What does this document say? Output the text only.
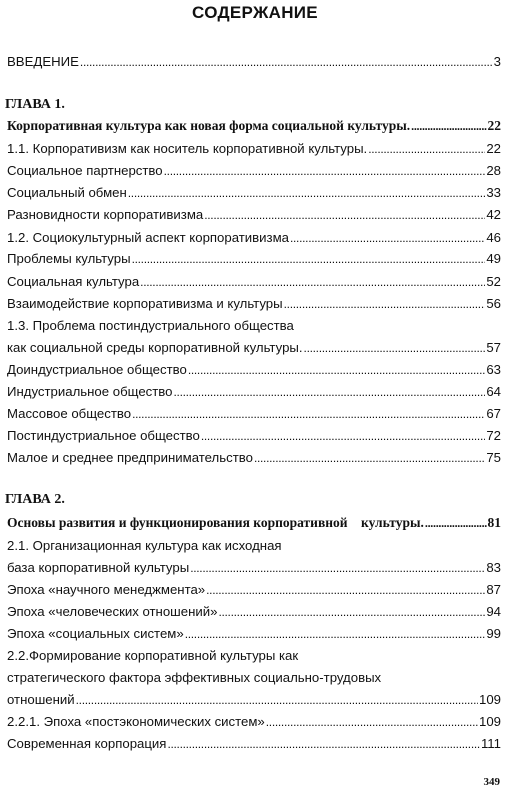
СОДЕРЖАНИЕ
ВВЕДЕНИЕ .....	3
ГЛАВА 1.
Корпоративная культура как новая форма социальной культуры. .....	22
1.1. Корпоративизм как носитель корпоративной культуры. .....	22
Социальное партнерство .....	28
Социальный обмен .....	33
Разновидности корпоративизма .....	42
1.2. Социокультурный аспект корпоративизма .....	46
Проблемы культуры .....	49
Социальная культура .....	52
Взаимодействие корпоративизма и культуры .....	56
1.3. Проблема постиндустриального общества
как социальной среды корпоративной культуры. .....	57
Доиндустриальное общество .....	63
Индустриальное общество .....	64
Массовое общество .....	67
Постиндустриальное общество .....	72
Малое и среднее предпринимательство .....	75
ГЛАВА 2.
Основы развития и функционирования корпоративной    культуры. .....	81
2.1. Организационная культура как исходная
база корпоративной культуры .....	83
Эпоха «научного менеджмента» .....	87
Эпоха «человеческих отношений» .....	94
Эпоха «социальных систем» .....	99
2.2.Формирование корпоративной культуры как
стратегического фактора эффективных социально-трудовых
отношений .....	109
2.2.1. Эпоха «постэкономических систем» .....	109
Современная корпорация .....	111
349
